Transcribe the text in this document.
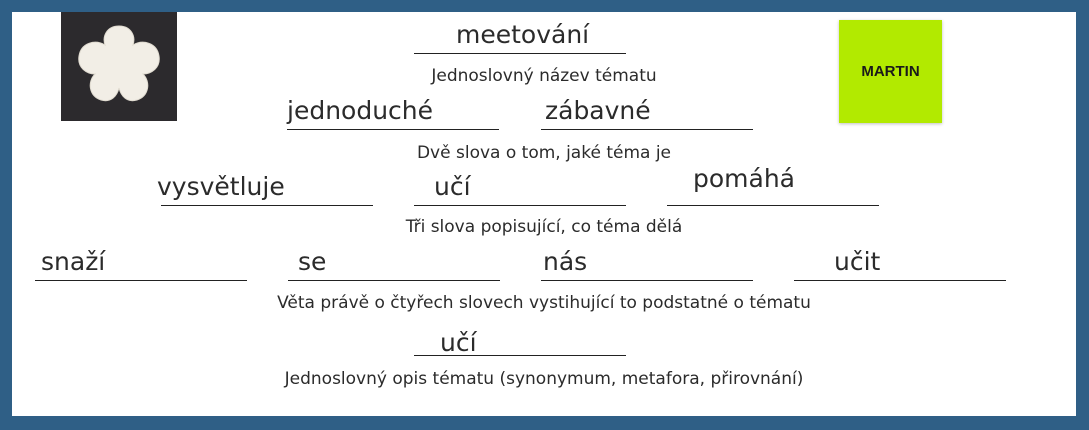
MARTIN
meetování
Jednoslovný název tématu
jednoduché	zábavné
Dvě slova o tom, jaké téma je
vysvětluje	učí	pomáhá
Tři slova popisující, co téma dělá
snaží	se	nás	učit
Věta právě o čtyřech slovech vystihující to podstatné o tématu
učí
Jednoslovný opis tématu (synonymum, metafora, přirovnání)
